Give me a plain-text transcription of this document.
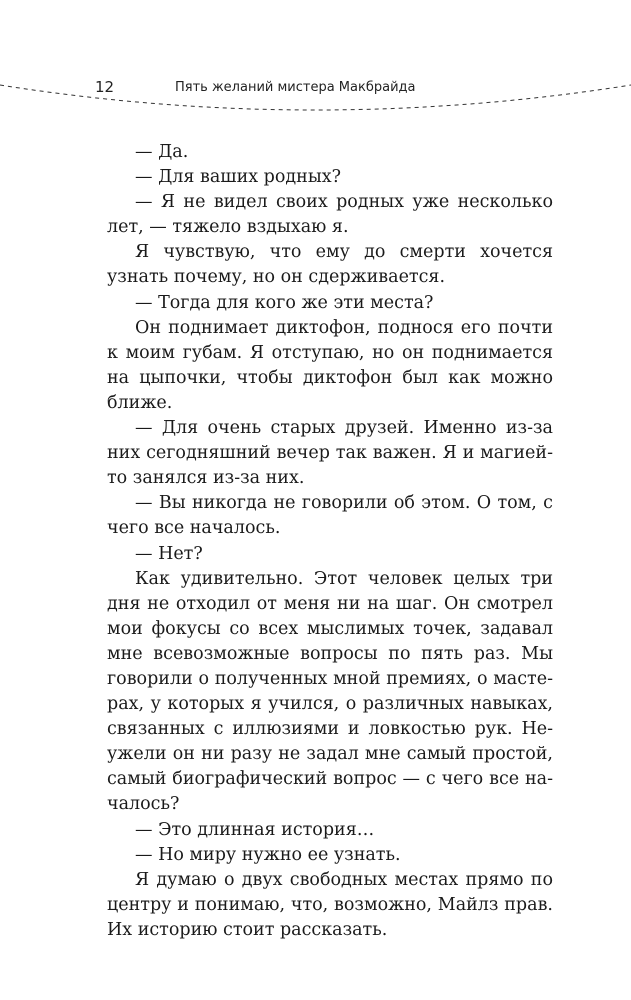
12	Пять желаний мистера Макбрайда

— Да.

— Для ваших родных?

— Я не видел своих родных уже несколько лет, — тяжело вздыхаю я.

Я чувствую, что ему до смерти хочется узнать почему, но он сдерживается.

— Тогда для кого же эти места?

Он поднимает диктофон, поднося его почти к моим губам. Я отступаю, но он поднимается на цыпочки, чтобы диктофон был как можно ближе.

— Для очень старых друзей. Именно из-за них сегодняшний вечер так важен. Я и магией-то занялся из-за них.

— Вы никогда не говорили об этом. О том, с чего все началось.

— Нет?

Как удивительно. Этот человек целых три дня не отходил от меня ни на шаг. Он смотрел мои фокусы со всех мыслимых точек, задавал мне всевозможные вопросы по пять раз. Мы говорили о полученных мной премиях, о мастерах, у которых я учился, о различных навыках, связанных с иллюзиями и ловкостью рук. Неужели он ни разу не задал мне самый простой, самый биографический вопрос — с чего все началось?

— Это длинная история…

— Но миру нужно ее узнать.

Я думаю о двух свободных местах прямо по центру и понимаю, что, возможно, Майлз прав. Их историю стоит рассказать.
